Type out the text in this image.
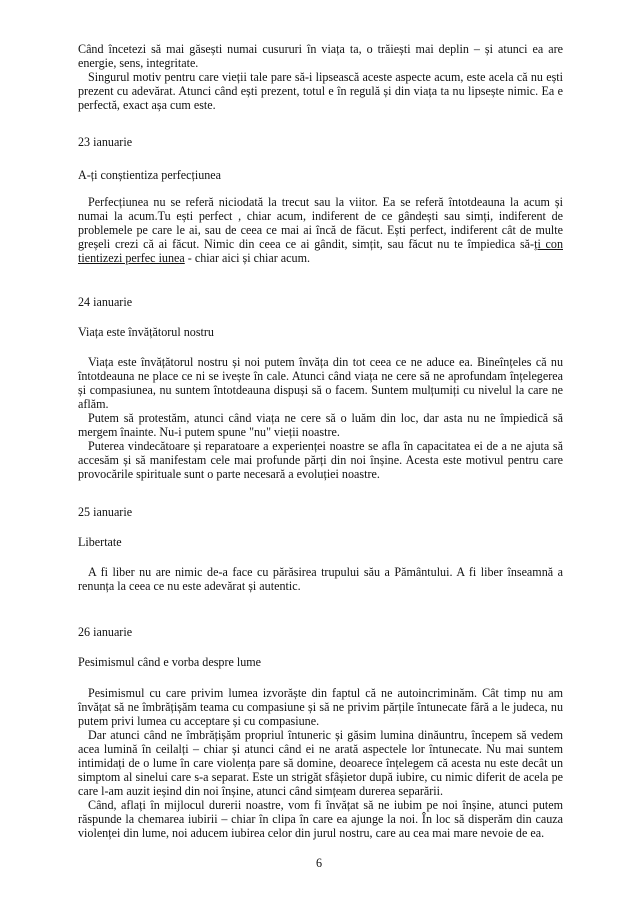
Când încetezi să mai găsești numai cusururi în viața ta, o trăiești mai deplin – și atunci ea are energie, sens, integritate.

Singurul motiv pentru care vieții tale pare să-i lipsească aceste aspecte acum, este acela că nu ești prezent cu adevărat. Atunci când ești prezent, totul e în regulă și din viața ta nu lipsește nimic. Ea e perfectă, exact așa cum este.

23 ianuarie

A-ți conștientiza perfecțiunea

Perfecțiunea nu se referă niciodată la trecut sau la viitor. Ea se referă întotdeauna la acum și numai la acum.Tu ești perfect , chiar acum, indiferent de ce gândești sau simți, indiferent de problemele pe care le ai, sau de ceea ce mai ai încă de făcut. Ești perfect, indiferent cât de multe greșeli crezi că ai făcut. Nimic din ceea ce ai gândit, simțit, sau făcut nu te împiedica să-ți con tientizezi perfec iunea - chiar aici și chiar acum.

24 ianuarie

Viața este învățătorul nostru

Viața este învățătorul nostru și noi putem învăța din tot ceea ce ne aduce ea. Bineînțeles că nu întotdeauna ne place ce ni se ivește în cale. Atunci când viața ne cere să ne aprofundam înțelegerea și compasiunea, nu suntem întotdeauna dispuși să o facem. Suntem mulțumiți cu nivelul la care ne aflăm.

Putem să protestăm, atunci când viața ne cere să o luăm din loc, dar asta nu ne împiedică să mergem înainte. Nu-i putem spune "nu" vieții noastre.

Puterea vindecătoare și reparatoare a experienței noastre se afla în capacitatea ei de a ne ajuta să accesăm și să manifestam cele mai profunde părți din noi înșine. Acesta este motivul pentru care provocările spirituale sunt o parte necesară a evoluției noastre.

25 ianuarie

Libertate

A fi liber nu are nimic de-a face cu părăsirea trupului său a Pământului. A fi liber înseamnă a renunța la ceea ce nu este adevărat și autentic.

26 ianuarie

Pesimismul când e vorba despre lume

Pesimismul cu care privim lumea izvorăște din faptul că ne autoincriminăm. Cât timp nu am învățat să ne îmbrățișăm teama cu compasiune și să ne privim părțile întunecate fără a le judeca, nu putem privi lumea cu acceptare și cu compasiune.

Dar atunci când ne îmbrățișăm propriul întuneric și găsim lumina dinăuntru, începem să vedem acea lumină în ceilalți – chiar și atunci când ei ne arată aspectele lor întunecate. Nu mai suntem intimidați de o lume în care violența pare să domine, deoarece înțelegem că acesta nu este decât un simptom al sinelui care s-a separat. Este un strigăt sfâșietor după iubire, cu nimic diferit de acela pe care l-am auzit ieșind din noi înșine, atunci când simțeam durerea separării.

Când, aflați în mijlocul durerii noastre, vom fi învățat să ne iubim pe noi înșine, atunci putem răspunde la chemarea iubirii – chiar în clipa în care ea ajunge la noi. În loc să disperăm din cauza violenței din lume, noi aducem iubirea celor din jurul nostru, care au cea mai mare nevoie de ea.

6
